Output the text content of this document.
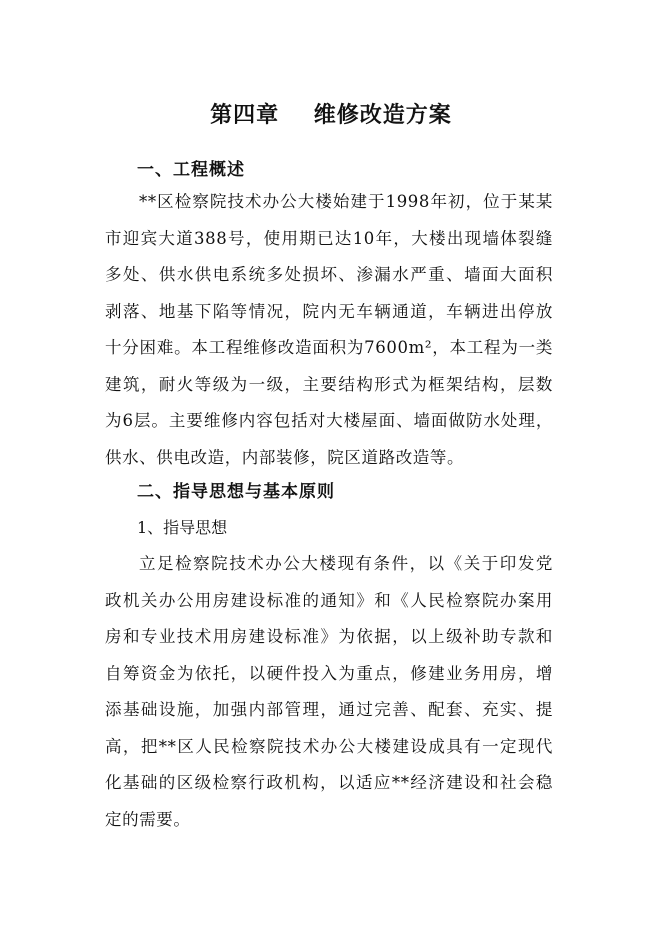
第四章    维修改造方案
一、工程概述
**区检察院技术办公大楼始建于1998年初，位于某某
市迎宾大道388号，使用期已达10年，大楼出现墙体裂缝
多处、供水供电系统多处损坏、渗漏水严重、墙面大面积
剥落、地基下陷等情况，院内无车辆通道，车辆进出停放
十分困难。本工程维修改造面积为7600m²，本工程为一类
建筑，耐火等级为一级，主要结构形式为框架结构，层数
为6层。主要维修内容包括对大楼屋面、墙面做防水处理，
供水、供电改造，内部装修，院区道路改造等。
二、指导思想与基本原则
1、指导思想
立足检察院技术办公大楼现有条件，以《关于印发党
政机关办公用房建设标准的通知》和《人民检察院办案用
房和专业技术用房建设标准》为依据，以上级补助专款和
自筹资金为依托，以硬件投入为重点，修建业务用房，增
添基础设施，加强内部管理，通过完善、配套、充实、提
高，把**区人民检察院技术办公大楼建设成具有一定现代
化基础的区级检察行政机构，以适应**经济建设和社会稳
定的需要。
